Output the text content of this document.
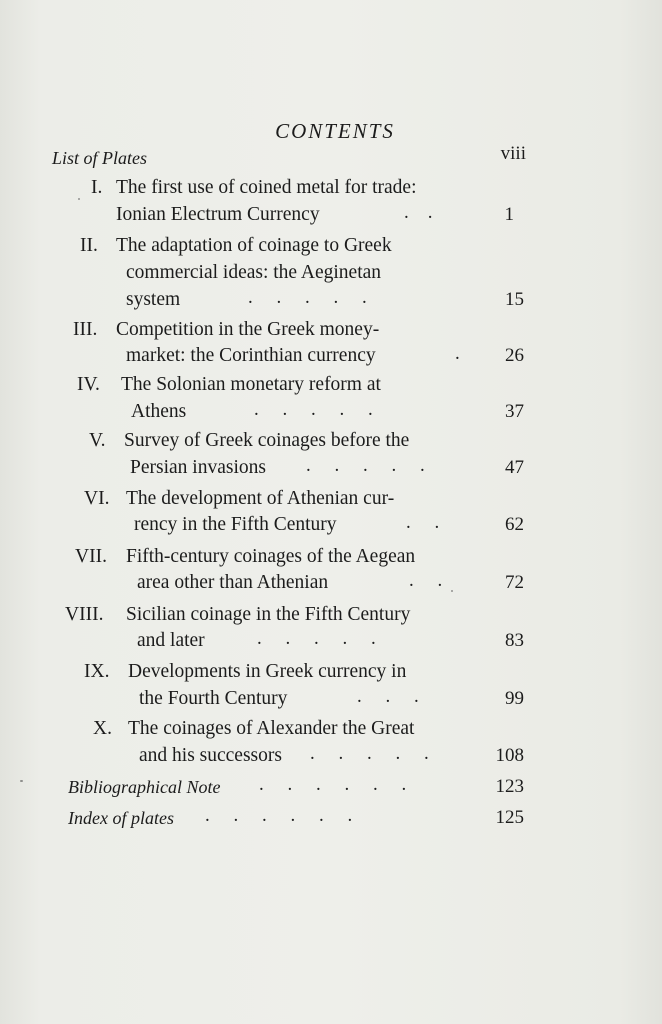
CONTENTS
List of Plates	viii
I. The first use of coined metal for trade:
Ionian Electrum Currency	.    .	1
II. The adaptation of coinage to Greek
commercial ideas: the Aeginetan
system	.     .     .     .     .	15
III. Competition in the Greek money-
market: the Corinthian currency	. 26
IV. The Solonian monetary reform at
Athens	.     .     .     .     .	37
V. Survey of Greek coinages before the
Persian invasions .     .     .     .     .	47
VI. The development of Athenian cur-
rency in the Fifth Century	.     .	62
VII. Fifth-century coinages of the Aegean
area other than Athenian	.     .	72
VIII. Sicilian coinage in the Fifth Century
and later	.     .     .     .     .	83
IX. Developments in Greek currency in
the Fourth Century	.     .     .	99
X. The coinages of Alexander the Great
and his successors .     .     .     .     .	108
Bibliographical Note .     .     .     .     .     .	123
Index of plates .     .     .     .     .     .	125
